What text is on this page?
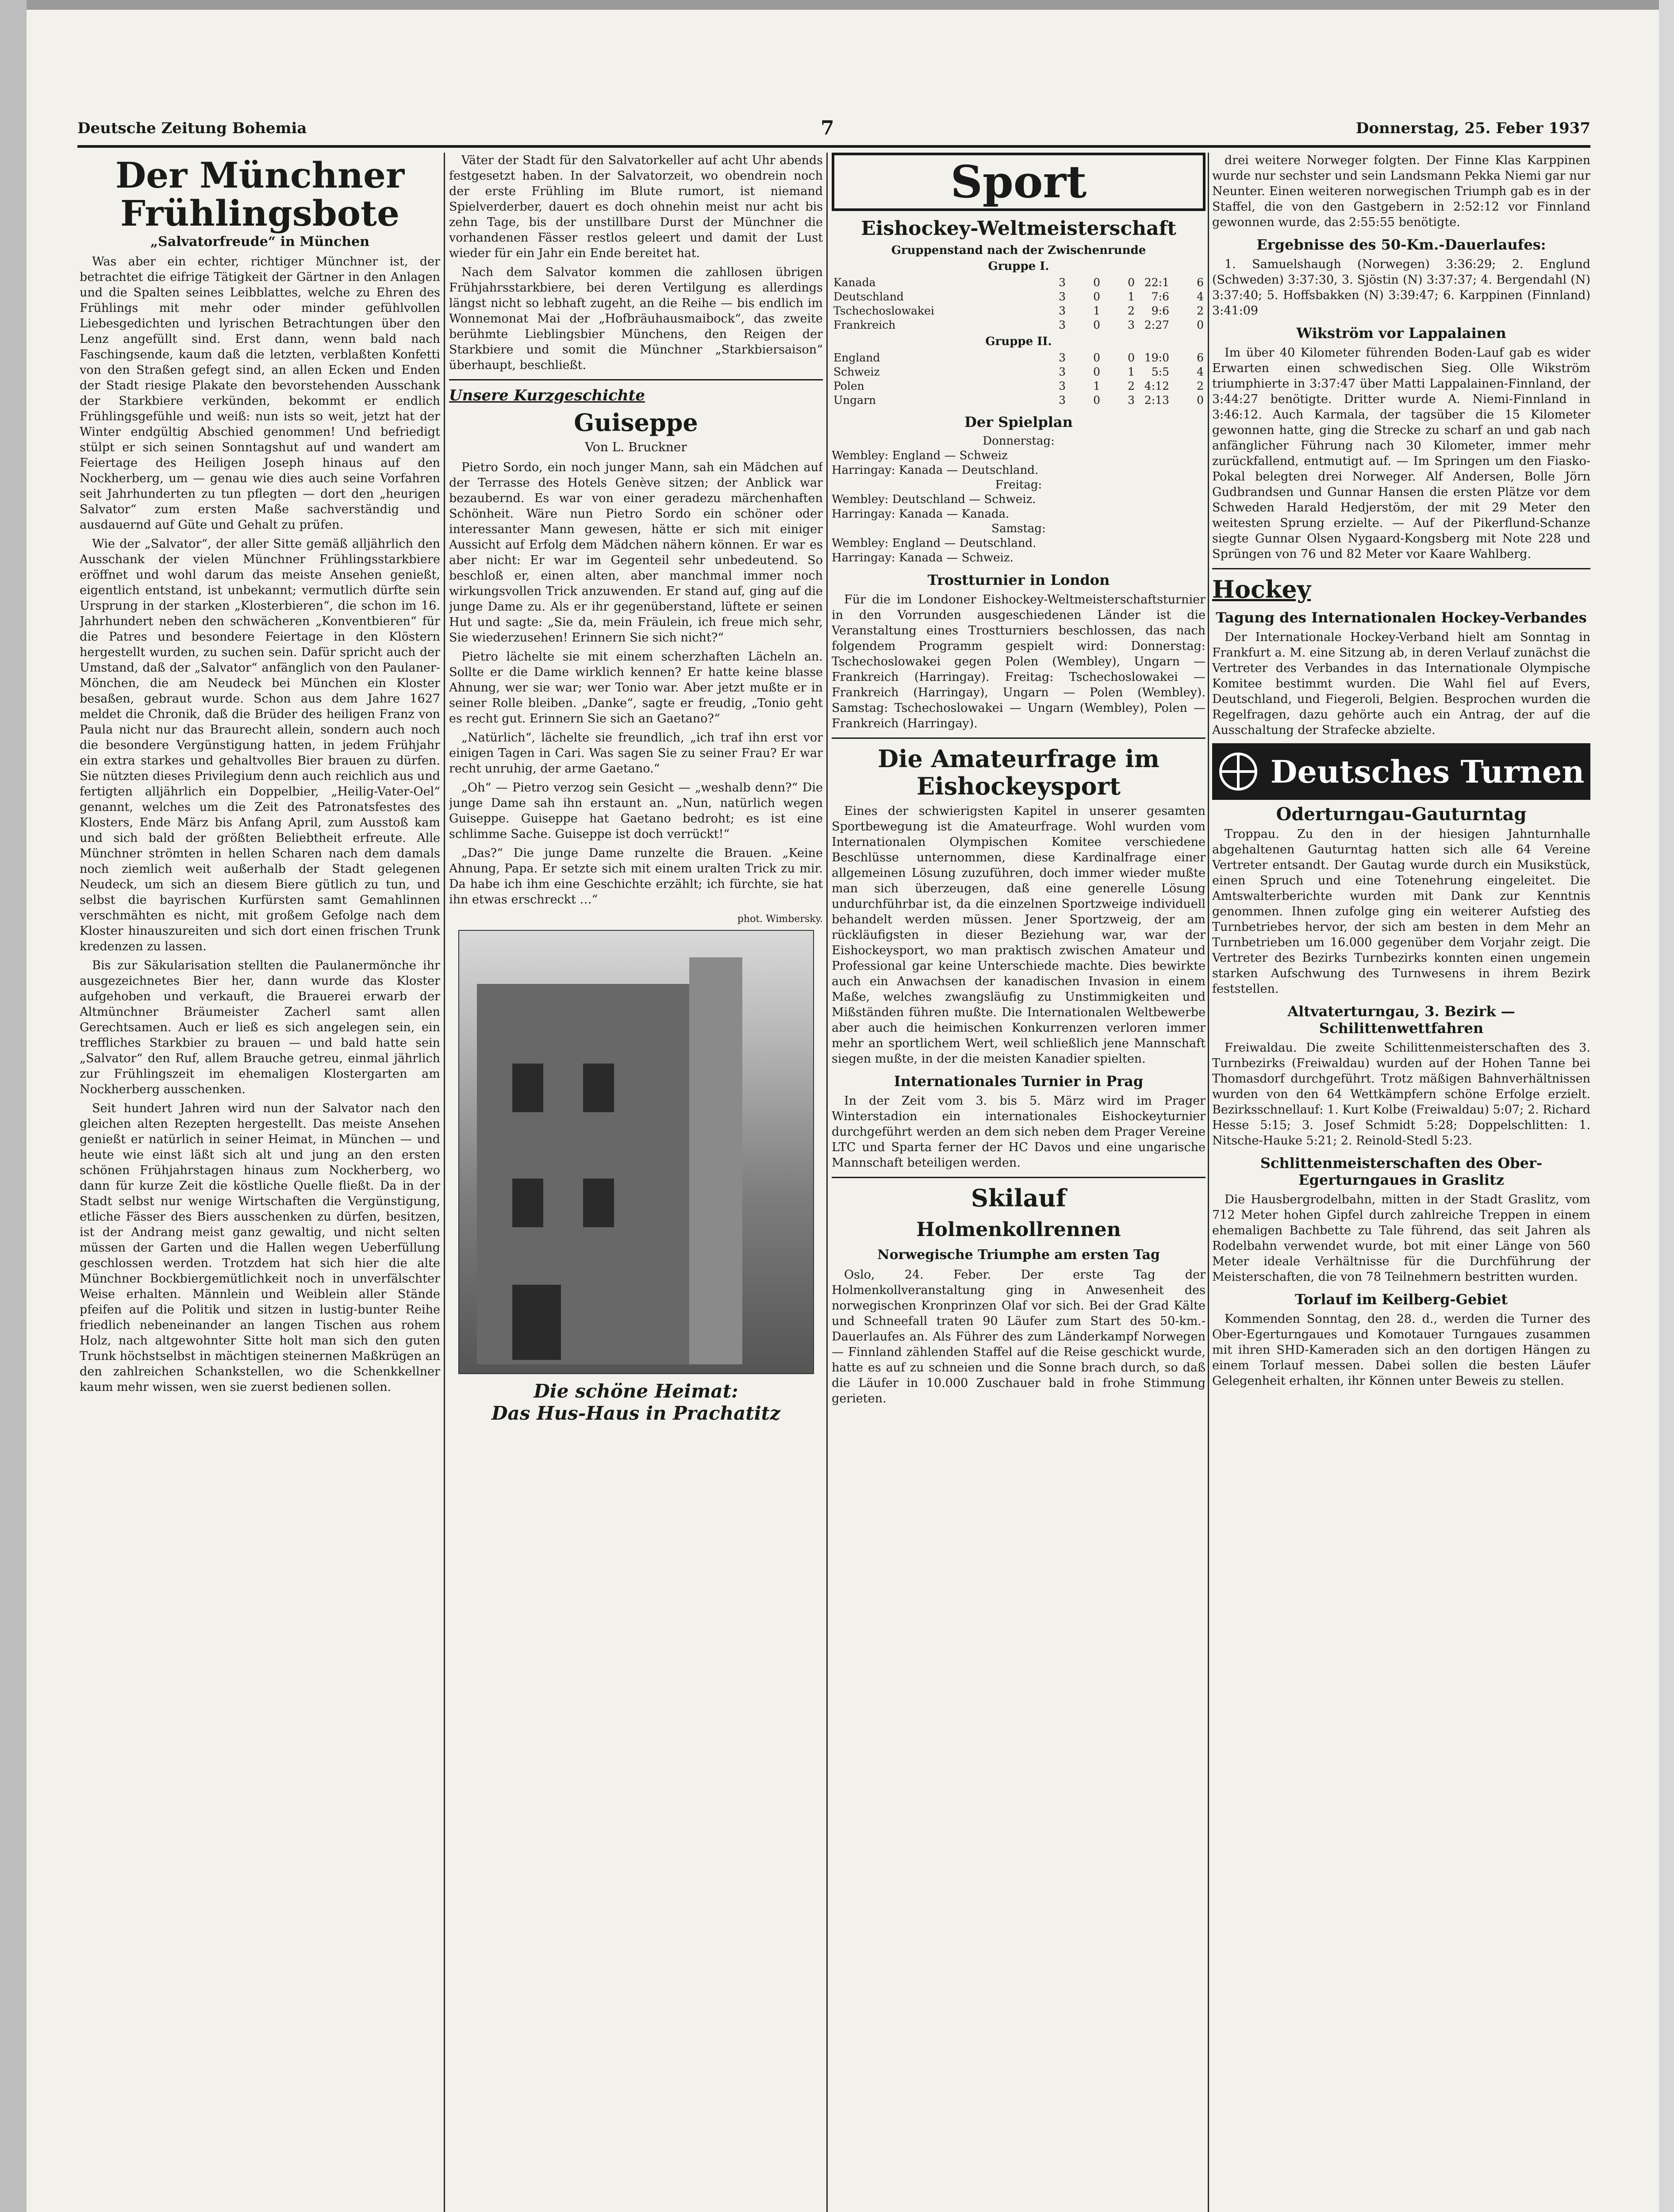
Deutsche Zeitung Bohemia	7	Donnerstag, 25. Feber 1937
Der Münchner Frühlingsbote
„Salvatorfreude“ in München

Was aber ein echter, richtiger Münchner ist, der betrachtet die eifrige Tätigkeit der Gärtner in den Anlagen und die Spalten seines Leibblattes, welche zu Ehren des Frühlings mit mehr oder minder gefühlvollen Liebesgedichten und lyrischen Betrachtungen über den Lenz angefüllt sind. Erst dann, wenn bald nach Faschingsende, kaum daß die letzten, verblaßten Konfetti von den Straßen gefegt sind, an allen Ecken und Enden der Stadt riesige Plakate den bevorstehenden Ausschank der Starkbiere verkünden, bekommt er endlich Frühlingsgefühle und weiß: nun ists so weit, jetzt hat der Winter endgültig Abschied genommen! Und befriedigt stülpt er sich seinen Sonntagshut auf und wandert am Feiertage des Heiligen Joseph hinaus auf den Nockherberg, um — genau wie dies auch seine Vorfahren seit Jahrhunderten zu tun pflegten — dort den „heurigen Salvator“ zum ersten Maße sachverständig und ausdauernd auf Güte und Gehalt zu prüfen.

Wie der „Salvator“, der aller Sitte gemäß alljährlich den Ausschank der vielen Münchner Frühlingsstarkbiere eröffnet und wohl darum das meiste Ansehen genießt, eigentlich entstand, ist unbekannt; vermutlich dürfte sein Ursprung in der starken „Klosterbieren“, die schon im 16. Jahrhundert neben den schwächeren „Konventbieren“ für die Patres und besondere Feiertage in den Klöstern hergestellt wurden, zu suchen sein. Dafür spricht auch der Umstand, daß der „Salvator“ anfänglich von den Paulaner-Mönchen, die am Neudeck bei München ein Kloster besaßen, gebraut wurde. Schon aus dem Jahre 1627 meldet die Chronik, daß die Brüder des heiligen Franz von Paula nicht nur das Braurecht allein, sondern auch noch die besondere Vergünstigung hatten, in jedem Frühjahr ein extra starkes und gehaltvolles Bier brauen zu dürfen. Sie nützten dieses Privilegium denn auch reichlich aus und fertigten alljährlich ein Doppelbier, „Heilig-Vater-Oel“ genannt, welches um die Zeit des Patronatsfestes des Klosters, Ende März bis Anfang April, zum Ausstoß kam und sich bald der größten Beliebtheit erfreute. Alle Münchner strömten in hellen Scharen nach dem damals noch ziemlich weit außerhalb der Stadt gelegenen Neudeck, um sich an diesem Biere gütlich zu tun, und selbst die bayrischen Kurfürsten samt Gemahlinnen verschmähten es nicht, mit großem Gefolge nach dem Kloster hinauszureiten und sich dort einen frischen Trunk kredenzen zu lassen.

Bis zur Säkularisation stellten die Paulanermönche ihr ausgezeichnetes Bier her, dann wurde das Kloster aufgehoben und verkauft, die Brauerei erwarb der Altmünchner Bräumeister Zacherl samt allen Gerechtsamen. Auch er ließ es sich angelegen sein, ein treffliches Starkbier zu brauen — und bald hatte sein „Salvator“ den Ruf, allem Brauche getreu, einmal jährlich zur Frühlingszeit im ehemaligen Klostergarten am Nockherberg ausschenken.

Seit hundert Jahren wird nun der Salvator nach den gleichen alten Rezepten hergestellt. Das meiste Ansehen genießt er natürlich in seiner Heimat, in München — und heute wie einst läßt sich alt und jung an den ersten schönen Frühjahrstagen hinaus zum Nockherberg, wo dann für kurze Zeit die köstliche Quelle fließt. Da in der Stadt selbst nur wenige Wirtschaften die Vergünstigung, etliche Fässer des Biers ausschenken zu dürfen, besitzen, ist der Andrang meist ganz gewaltig, und nicht selten müssen der Garten und die Hallen wegen Ueberfüllung geschlossen werden. Trotzdem hat sich hier die alte Münchner Bockbiergemütlichkeit noch in unverfälschter Weise erhalten. Männlein und Weiblein aller Stände pfeifen auf die Politik und sitzen in lustig-bunter Reihe friedlich nebeneinander an langen Tischen aus rohem Holz, nach altgewohnter Sitte holt man sich den guten Trunk höchstselbst in mächtigen steinernen Maßkrügen an den zahlreichen Schankstellen, wo die Schenkkellner kaum mehr wissen, wen sie zuerst bedienen sollen.

Väter der Stadt für den Salvatorkeller auf acht Uhr abends festgesetzt haben. In der Salvatorzeit, wo obendrein noch der erste Frühling im Blute rumort, ist niemand Spielverderber, dauert es doch ohnehin meist nur acht bis zehn Tage, bis der unstillbare Durst der Münchner die vorhandenen Fässer restlos geleert und damit der Lust wieder für ein Jahr ein Ende bereitet hat.

Nach dem Salvator kommen die zahllosen übrigen Frühjahrsstarkbiere, bei deren Vertilgung es allerdings längst nicht so lebhaft zugeht, an die Reihe — bis endlich im Wonnemonat Mai der „Hofbräuhausmaibock“, das zweite berühmte Lieblingsbier Münchens, den Reigen der Starkbiere und somit die Münchner „Starkbiersaison“ überhaupt, beschließt.

Unsere Kurzgeschichte
Guiseppe
Von L. Bruckner

Pietro Sordo, ein noch junger Mann, sah ein Mädchen auf der Terrasse des Hotels Genève sitzen; der Anblick war bezaubernd. Es war von einer geradezu märchenhaften Schönheit. Wäre nun Pietro Sordo ein schöner oder interessanter Mann gewesen, hätte er sich mit einiger Aussicht auf Erfolg dem Mädchen nähern können. Er war es aber nicht: Er war im Gegenteil sehr unbedeutend. So beschloß er, einen alten, aber manchmal immer noch wirkungsvollen Trick anzuwenden. Er stand auf, ging auf die junge Dame zu. Als er ihr gegenüberstand, lüftete er seinen Hut und sagte: „Sie da, mein Fräulein, ich freue mich sehr, Sie wiederzusehen! Erinnern Sie sich nicht?“

Pietro lächelte sie mit einem scherzhaften Lächeln an. Sollte er die Dame wirklich kennen? Er hatte keine blasse Ahnung, wer sie war; wer Tonio war. Aber jetzt mußte er in seiner Rolle bleiben. „Danke“, sagte er freudig, „Tonio geht es recht gut. Erinnern Sie sich an Gaetano?“

„Natürlich“, lächelte sie freundlich, „ich traf ihn erst vor einigen Tagen in Cari. Was sagen Sie zu seiner Frau? Er war recht unruhig, der arme Gaetano.“

„Oh“ — Pietro verzog sein Gesicht — „weshalb denn?“ Die junge Dame sah ihn erstaunt an. „Nun, natürlich wegen Guiseppe. Guiseppe hat Gaetano bedroht; es ist eine schlimme Sache. Guiseppe ist doch verrückt!“

„Das?“ Die junge Dame runzelte die Brauen. „Keine Ahnung, Papa. Er setzte sich mit einem uralten Trick zu mir. Da habe ich ihm eine Geschichte erzählt; ich fürchte, sie hat ihn etwas erschreckt …“

phot. Wimbersky.
Die schöne Heimat:
Das Hus-Haus in Prachatitz
Sport
Eishockey-Weltmeisterschaft
Gruppenstand nach der Zwischenrunde
Gruppe I.
Kanada	3	0	0	22:1	6
Deutschland	3	0	1	7:6	4
Tschechoslowakei	3	1	2	9:6	2
Frankreich	3	0	3	2:27	0
Gruppe II.
England	3	0	0	19:0	6
Schweiz	3	0	1	5:5	4
Polen	3	1	2	4:12	2
Ungarn	3	0	3	2:13	0
Der Spielplan

Donnerstag:

Wembley: England — Schweiz

Harringay: Kanada — Deutschland.

Freitag:

Wembley: Deutschland — Schweiz.

Harringay: Kanada — Kanada.

Samstag:

Wembley: England — Deutschland.

Harringay: Kanada — Schweiz.

Trostturnier in London

Für die im Londoner Eishockey-Weltmeisterschaftsturnier in den Vorrunden ausgeschiedenen Länder ist die Veranstaltung eines Trostturniers beschlossen, das nach folgendem Programm gespielt wird: Donnerstag: Tschechoslowakei gegen Polen (Wembley), Ungarn — Frankreich (Harringay). Freitag: Tschechoslowakei — Frankreich (Harringay), Ungarn — Polen (Wembley). Samstag: Tschechoslowakei — Ungarn (Wembley), Polen — Frankreich (Harringay).

Die Amateurfrage im Eishockeysport

Eines der schwierigsten Kapitel in unserer gesamten Sportbewegung ist die Amateurfrage. Wohl wurden vom Internationalen Olympischen Komitee verschiedene Beschlüsse unternommen, diese Kardinalfrage einer allgemeinen Lösung zuzuführen, doch immer wieder mußte man sich überzeugen, daß eine generelle Lösung undurchführbar ist, da die einzelnen Sportzweige individuell behandelt werden müssen. Jener Sportzweig, der am rückläufigsten in dieser Beziehung war, war der Eishockeysport, wo man praktisch zwischen Amateur und Professional gar keine Unterschiede machte. Dies bewirkte auch ein Anwachsen der kanadischen Invasion in einem Maße, welches zwangsläufig zu Unstimmigkeiten und Mißständen führen mußte. Die Internationalen Weltbewerbe aber auch die heimischen Konkurrenzen verloren immer mehr an sportlichem Wert, weil schließlich jene Mannschaft siegen mußte, in der die meisten Kanadier spielten.

Internationales Turnier in Prag

In der Zeit vom 3. bis 5. März wird im Prager Winterstadion ein internationales Eishockeyturnier durchgeführt werden an dem sich neben dem Prager Vereine LTC und Sparta ferner der HC Davos und eine ungarische Mannschaft beteiligen werden.

Skilauf
Holmenkollrennen
Norwegische Triumphe am ersten Tag

Oslo, 24. Feber. Der erste Tag der Holmenkollveranstaltung ging in Anwesenheit des norwegischen Kronprinzen Olaf vor sich. Bei der Grad Kälte und Schneefall traten 90 Läufer zum Start des 50-km.-Dauerlaufes an. Als Führer des zum Länderkampf Norwegen — Finnland zählenden Staffel auf die Reise geschickt wurde, hatte es auf zu schneien und die Sonne brach durch, so daß die Läufer in 10.000 Zuschauer bald in frohe Stimmung gerieten.

drei weitere Norweger folgten. Der Finne Klas Karppinen wurde nur sechster und sein Landsmann Pekka Niemi gar nur Neunter. Einen weiteren norwegischen Triumph gab es in der Staffel, die von den Gastgebern in 2:52:12 vor Finnland gewonnen wurde, das 2:55:55 benötigte.

Ergebnisse des 50-Km.-Dauerlaufes:

1. Samuelshaugh (Norwegen) 3:36:29; 2. Englund (Schweden) 3:37:30, 3. Sjöstin (N) 3:37:37; 4. Bergendahl (N) 3:37:40; 5. Hoffsbakken (N) 3:39:47; 6. Karppinen (Finnland) 3:41:09

Wikström vor Lappalainen

Im über 40 Kilometer führenden Boden-Lauf gab es wider Erwarten einen schwedischen Sieg. Olle Wikström triumphierte in 3:37:47 über Matti Lappalainen-Finnland, der 3:44:27 benötigte. Dritter wurde A. Niemi-Finnland in 3:46:12. Auch Karmala, der tagsüber die 15 Kilometer gewonnen hatte, ging die Strecke zu scharf an und gab nach anfänglicher Führung nach 30 Kilometer, immer mehr zurückfallend, entmutigt auf. — Im Springen um den Fiasko-Pokal belegten drei Norweger. Alf Andersen, Bolle Jörn Gudbrandsen und Gunnar Hansen die ersten Plätze vor dem Schweden Harald Hedjerstöm, der mit 29 Meter den weitesten Sprung erzielte. — Auf der Pikerflund-Schanze siegte Gunnar Olsen Nygaard-Kongsberg mit Note 228 und Sprüngen von 76 und 82 Meter vor Kaare Wahlberg.

Hockey
Tagung des Internationalen Hockey-Verbandes

Der Internationale Hockey-Verband hielt am Sonntag in Frankfurt a. M. eine Sitzung ab, in deren Verlauf zunächst die Vertreter des Verbandes in das Internationale Olympische Komitee bestimmt wurden. Die Wahl fiel auf Evers, Deutschland, und Fiegeroli, Belgien. Besprochen wurden die Regelfragen, dazu gehörte auch ein Antrag, der auf die Ausschaltung der Strafecke abzielte.

Deutsches Turnen
Oderturngau-Gauturntag

Troppau. Zu den in der hiesigen Jahnturnhalle abgehaltenen Gauturntag hatten sich alle 64 Vereine Vertreter entsandt. Der Gautag wurde durch ein Musikstück, einen Spruch und eine Totenehrung eingeleitet. Die Amtswalterberichte wurden mit Dank zur Kenntnis genommen. Ihnen zufolge ging ein weiterer Aufstieg des Turnbetriebes hervor, der sich am besten in dem Mehr an Turnbetrieben um 16.000 gegenüber dem Vorjahr zeigt. Die Vertreter des Bezirks Turnbezirks konnten einen ungemein starken Aufschwung des Turnwesens in ihrem Bezirk feststellen.

Altvaterturngau, 3. Bezirk — Schilittenwettfahren

Freiwaldau. Die zweite Schilittenmeisterschaften des 3. Turnbezirks (Freiwaldau) wurden auf der Hohen Tanne bei Thomasdorf durchgeführt. Trotz mäßigen Bahnverhältnissen wurden von den 64 Wettkämpfern schöne Erfolge erzielt. Bezirksschnellauf: 1. Kurt Kolbe (Freiwaldau) 5:07; 2. Richard Hesse 5:15; 3. Josef Schmidt 5:28; Doppelschlitten: 1. Nitsche-Hauke 5:21; 2. Reinold-Stedl 5:23.

Schlittenmeisterschaften des Ober-Egerturngaues in Graslitz

Die Hausbergrodelbahn, mitten in der Stadt Graslitz, vom 712 Meter hohen Gipfel durch zahlreiche Treppen in einem ehemaligen Bachbette zu Tale führend, das seit Jahren als Rodelbahn verwendet wurde, bot mit einer Länge von 560 Meter ideale Verhältnisse für die Durchführung der Meisterschaften, die von 78 Teilnehmern bestritten wurden.

Torlauf im Keilberg-Gebiet

Kommenden Sonntag, den 28. d., werden die Turner des Ober-Egerturngaues und Komotauer Turngaues zusammen mit ihren SHD-Kameraden sich an den dortigen Hängen zu einem Torlauf messen. Dabei sollen die besten Läufer Gelegenheit erhalten, ihr Können unter Beweis zu stellen.
